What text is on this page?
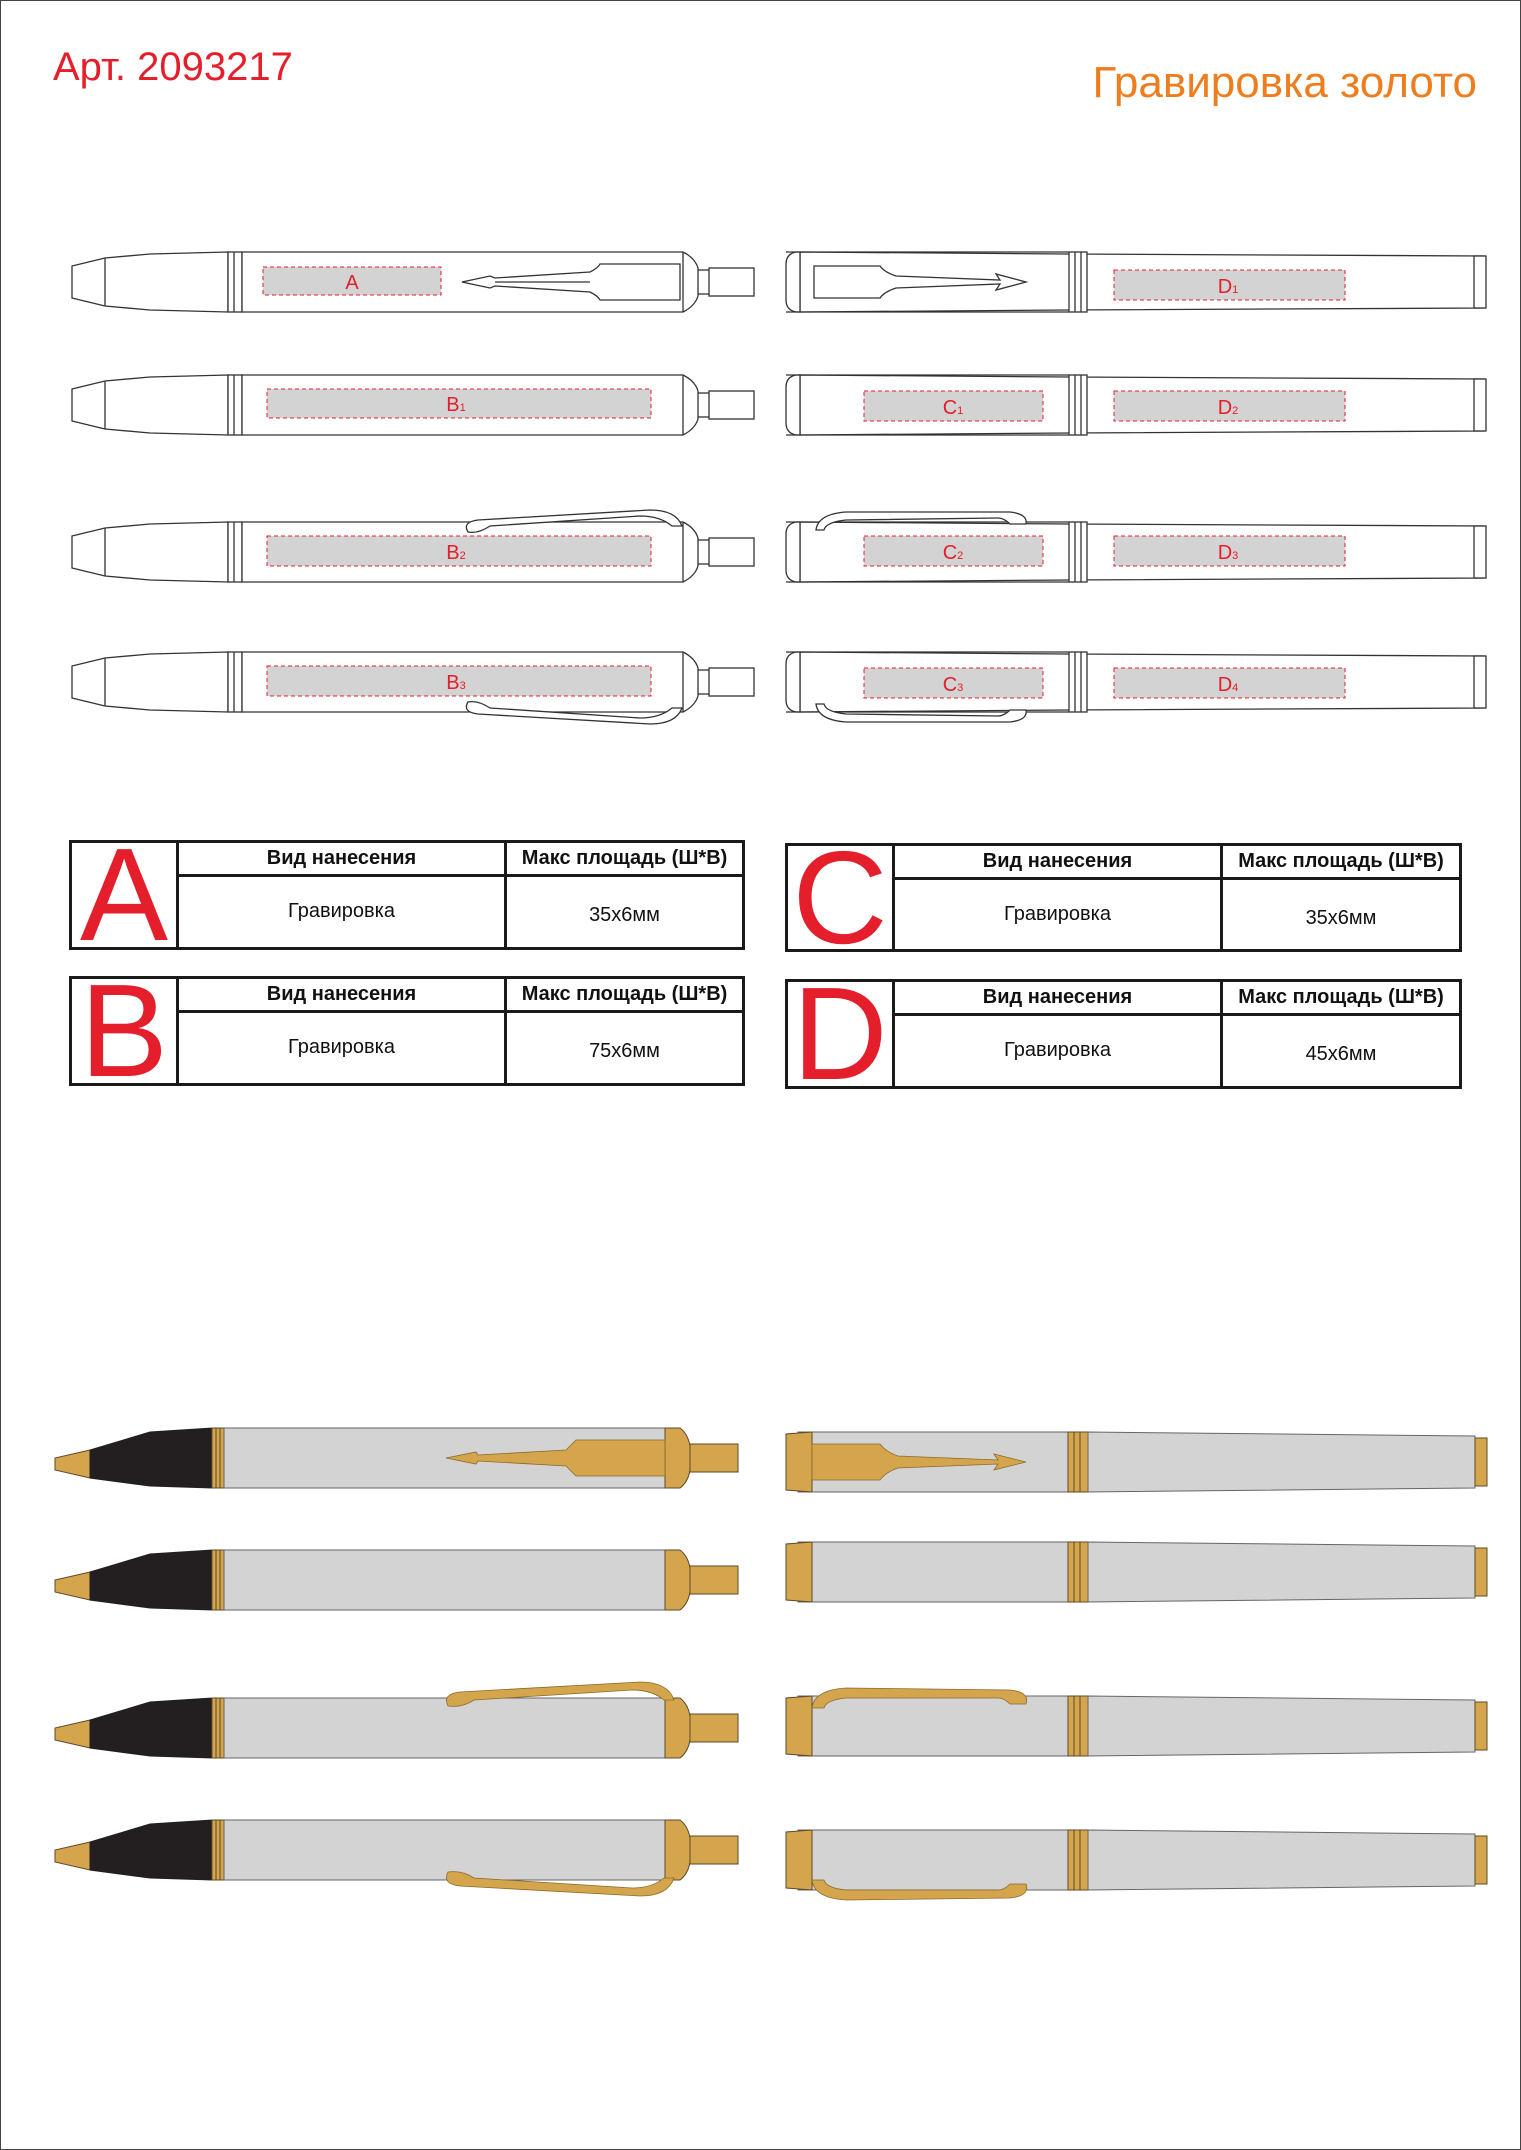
Арт. 2093217	Гравировка золото
A
B1
B2
B3
D1
C1	D2
C2	D3
C3	D4
A	Вид нанесения	Макс площадь (Ш*В)
Гравировка	35х6мм
B	Вид нанесения	Макс площадь (Ш*В)
Гравировка	75х6мм
C	Вид нанесения	Макс площадь (Ш*В)
Гравировка	35х6мм
D	Вид нанесения	Макс площадь (Ш*В)
Гравировка	45х6мм
